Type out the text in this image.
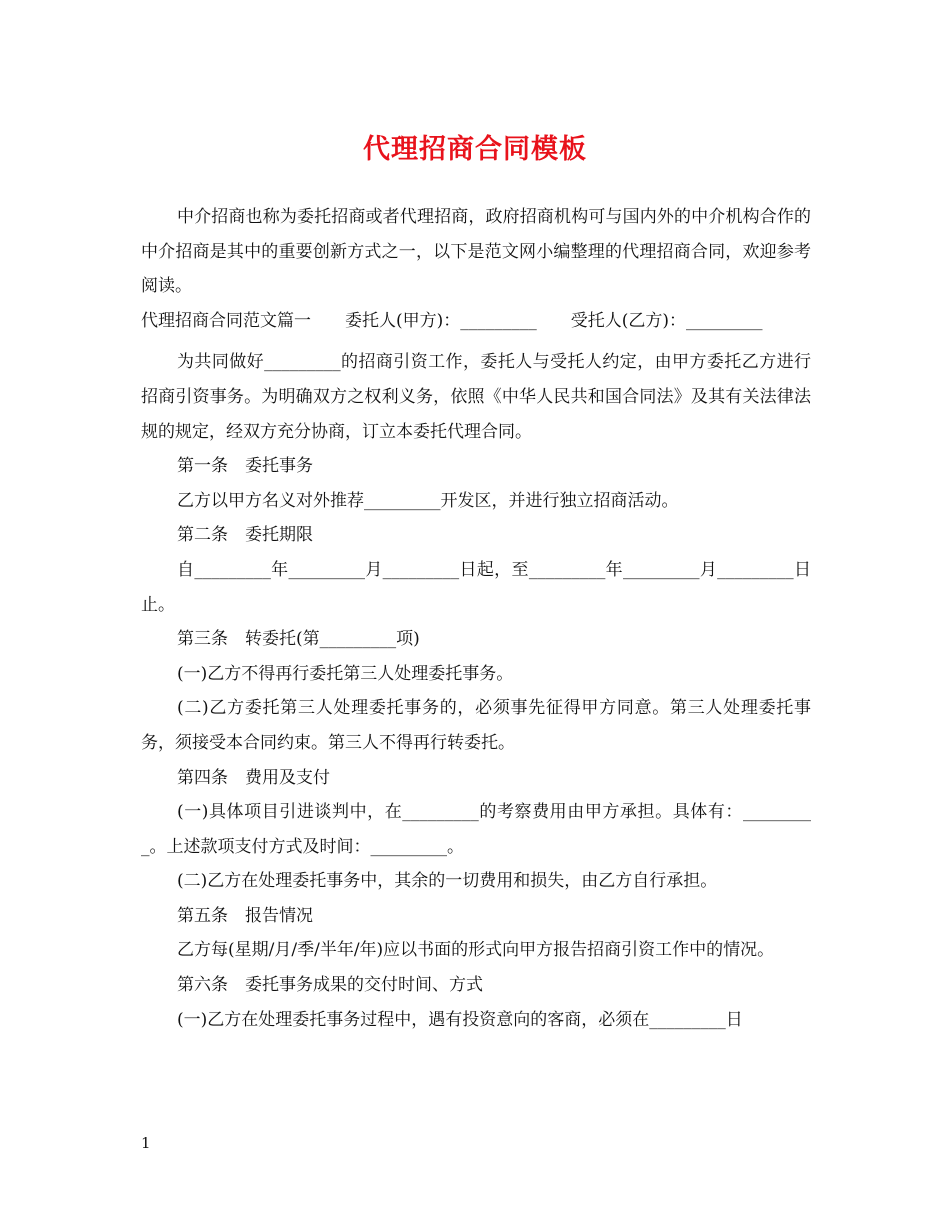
代理招商合同模板

中介招商也称为委托招商或者代理招商，政府招商机构可与国内外的中介机构合作的中介招商是其中的重要创新方式之一，以下是范文网小编整理的代理招商合同，欢迎参考阅读。

代理招商合同范文篇一　　委托人(甲方)：_________　　受托人(乙方)：_________

为共同做好_________的招商引资工作，委托人与受托人约定，由甲方委托乙方进行招商引资事务。为明确双方之权利义务，依照《中华人民共和国合同法》及其有关法律法规的规定，经双方充分协商，订立本委托代理合同。

第一条　委托事务

乙方以甲方名义对外推荐_________开发区，并进行独立招商活动。

第二条　委托期限

自_________年_________月_________日起，至_________年_________月_________日止。

第三条　转委托(第_________项)

(一)乙方不得再行委托第三人处理委托事务。

(二)乙方委托第三人处理委托事务的，必须事先征得甲方同意。第三人处理委托事务，须接受本合同约束。第三人不得再行转委托。

第四条　费用及支付

(一)具体项目引进谈判中，在_________的考察费用由甲方承担。具体有：_________。上述款项支付方式及时间：_________。

(二)乙方在处理委托事务中，其余的一切费用和损失，由乙方自行承担。

第五条　报告情况

乙方每(星期/月/季/半年/年)应以书面的形式向甲方报告招商引资工作中的情况。

第六条　委托事务成果的交付时间、方式

(一)乙方在处理委托事务过程中，遇有投资意向的客商，必须在_________日

1
